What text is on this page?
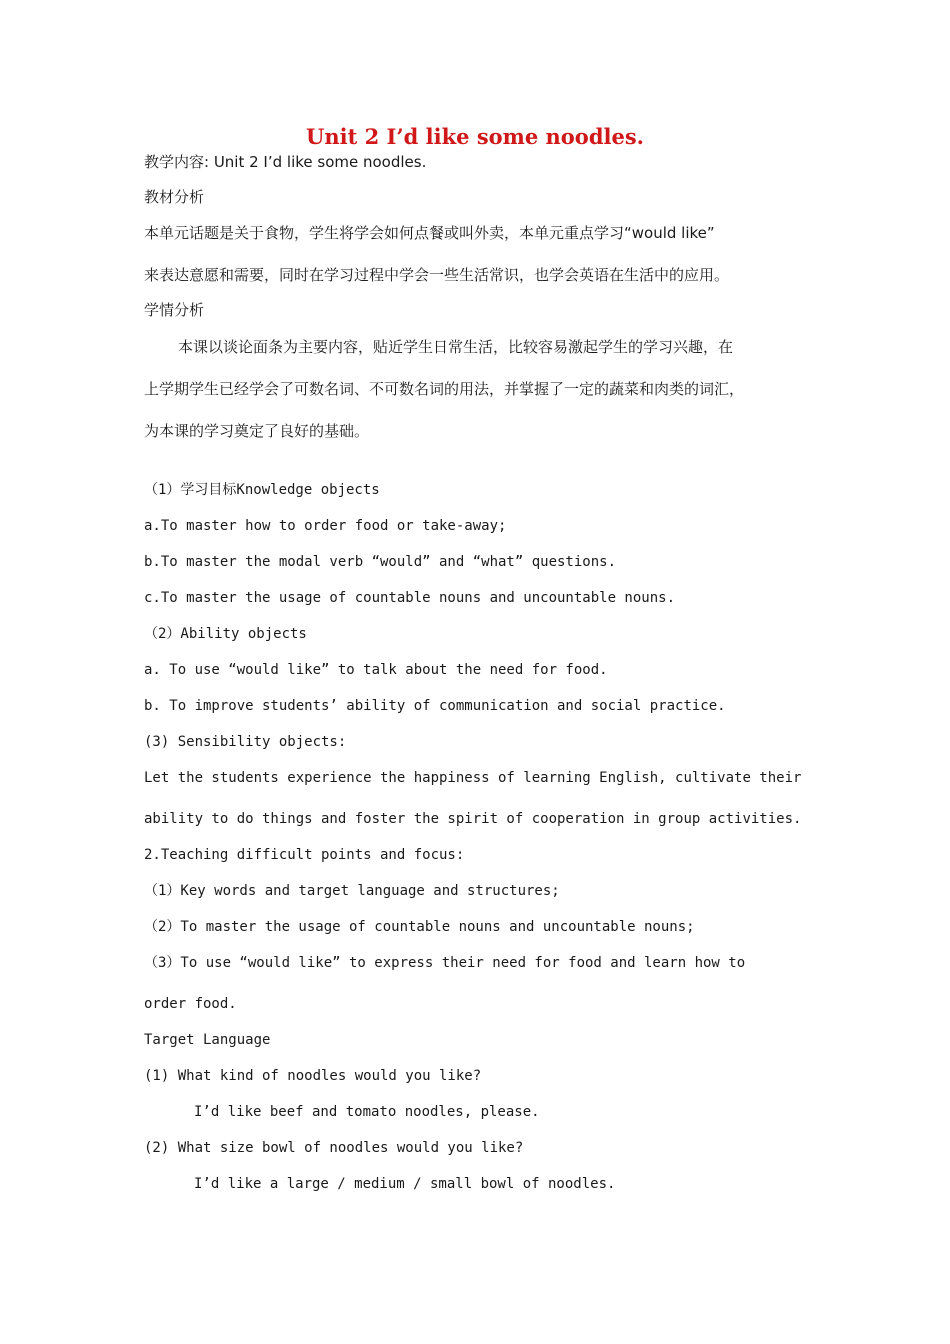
Unit 2 I’d like some noodles.
教学内容: Unit 2 I’d like some noodles.
教材分析
本单元话题是关于食物，学生将学会如何点餐或叫外卖，本单元重点学习“would like”
来表达意愿和需要，同时在学习过程中学会一些生活常识，也学会英语在生活中的应用。
学情分析
本课以谈论面条为主要内容，贴近学生日常生活，比较容易激起学生的学习兴趣，在
上学期学生已经学会了可数名词、不可数名词的用法，并掌握了一定的蔬菜和肉类的词汇，
为本课的学习奠定了良好的基础。
（1）学习目标Knowledge objects
a.To master how to order food or take-away;
b.To master the modal verb “would” and “what” questions.
c.To master the usage of countable nouns and uncountable nouns.
（2）Ability objects
a. To use “would like” to talk about the need for food.
b. To improve students’ ability of communication and social practice.
(3) Sensibility objects:
Let the students experience the happiness of learning English, cultivate their
ability to do things and foster the spirit of cooperation in group activities.
2.Teaching difficult points and focus:
（1）Key words and target language and structures;
（2）To master the usage of countable nouns and uncountable nouns;
（3）To use “would like” to express their need for food and learn how to
order food.
Target Language
(1) What kind of noodles would you like?
I’d like beef and tomato noodles, please.
(2) What size bowl of noodles would you like?
I’d like a large / medium / small bowl of noodles.
